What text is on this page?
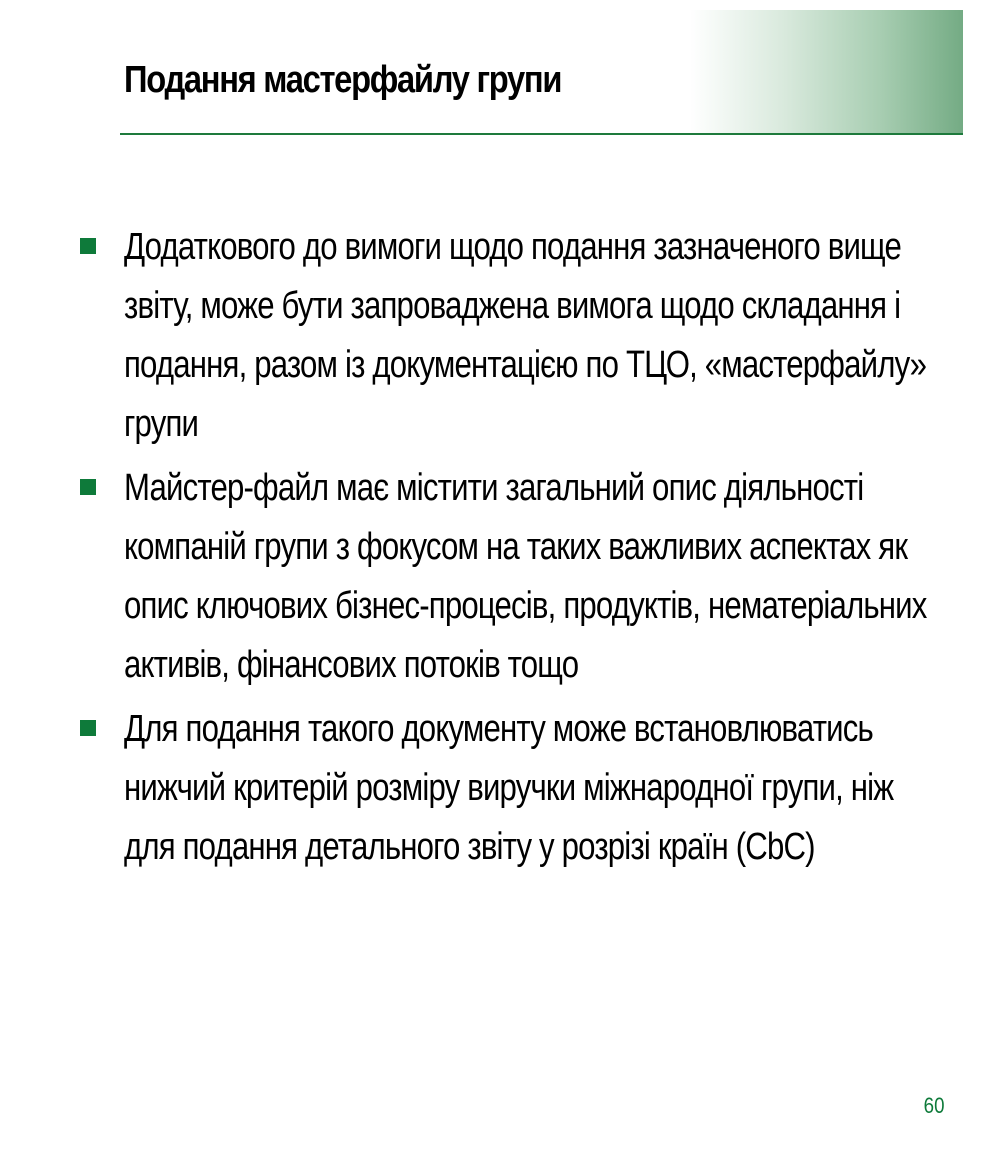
Подання мастерфайлу групи
Додаткового до вимоги щодо подання зазначеного вище звіту, може бути запроваджена вимога щодо складання і подання, разом із документацією по ТЦО, «мастерфайлу» групи
Майстер-файл має містити загальний опис діяльності компаній групи з фокусом на таких важливих аспектах як опис ключових бізнес-процесів, продуктів, нематеріальних активів, фінансових потоків тощо
Для подання такого документу може встановлюватись нижчий критерій розміру виручки міжнародної групи, ніж для подання детального звіту у розрізі країн (CbC)
60
